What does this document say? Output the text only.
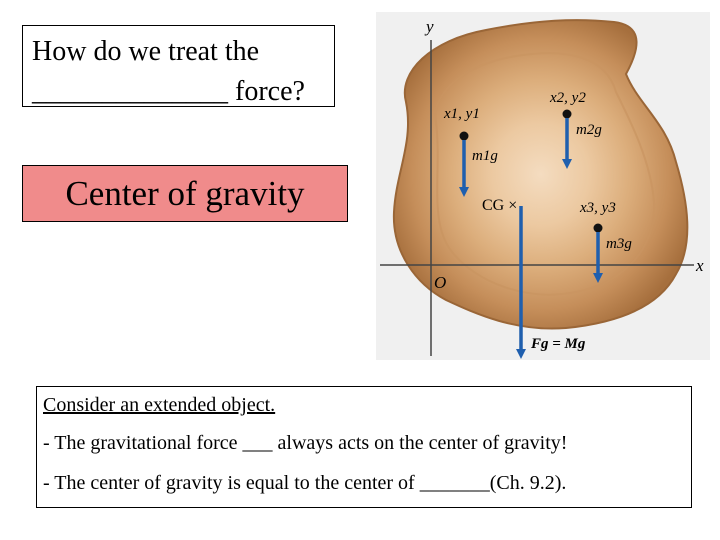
How do we treat the
______________ force?
Center of gravity
y
x
O
x1, y1
m1g
x2, y2
m2g
x3, y3
m3g
CG ×
Fg = Mg
Consider an extended object.
- The gravitational force ___ always acts on the center of gravity!
- The center of gravity is equal to the center of _______(Ch. 9.2).
